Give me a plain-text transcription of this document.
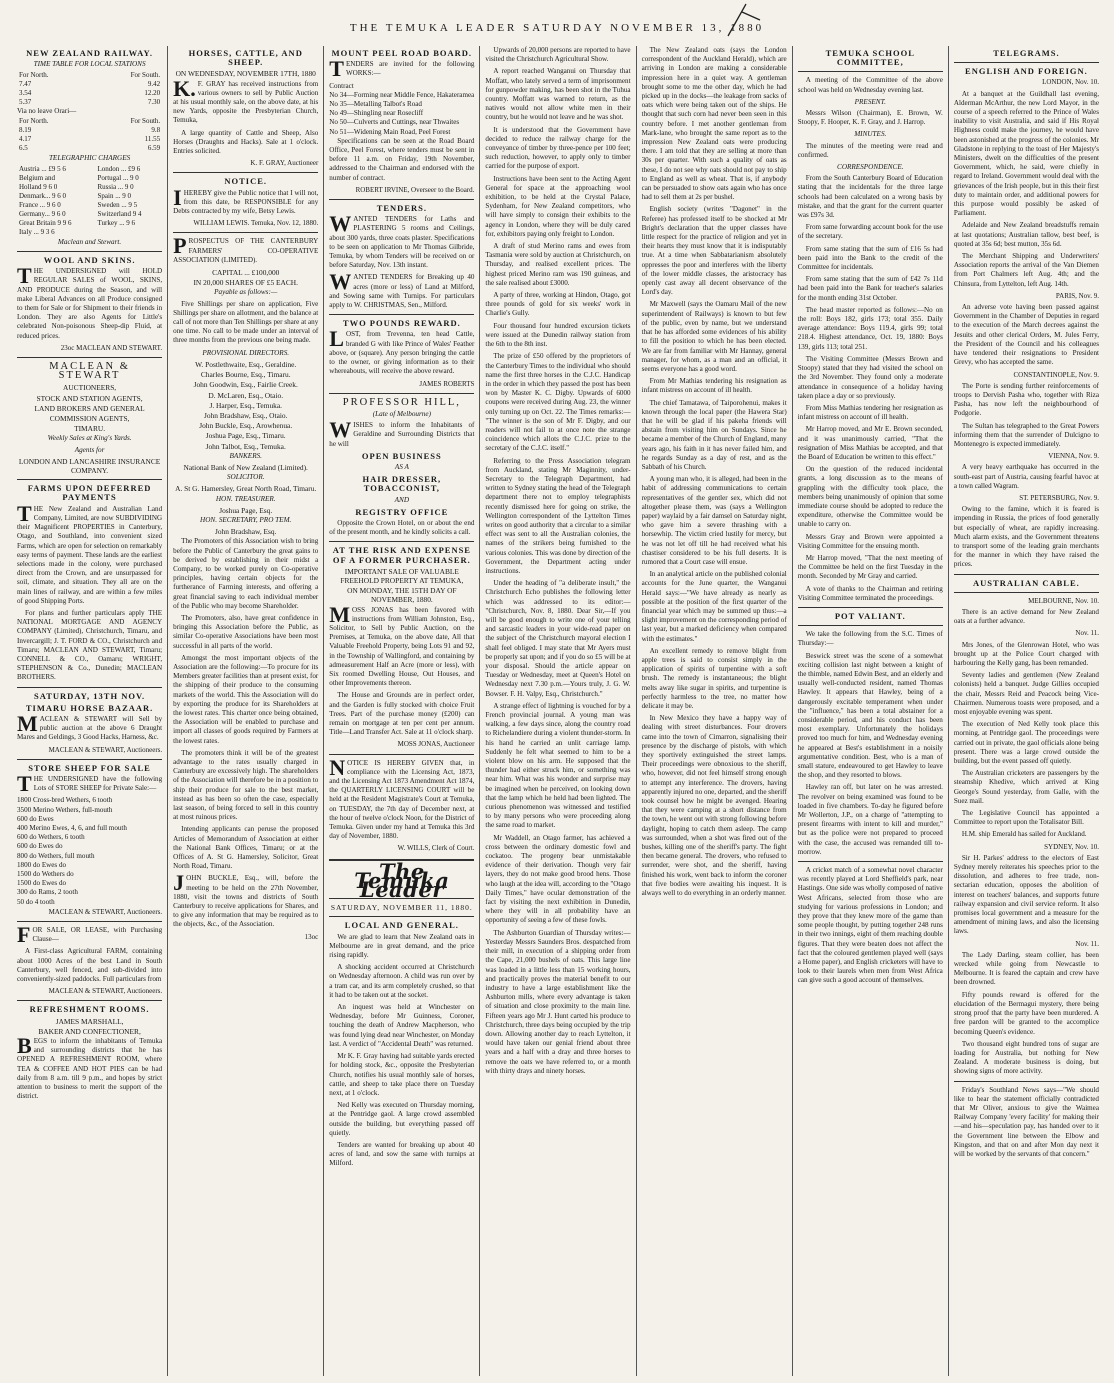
THE TEMUKA LEADER SATURDAY NOVEMBER 13, 1880
NEW ZEALAND RAILWAY.
TIME TABLE FOR LOCAL STATIONS
For North.	For South.
7.47	9.42
3.54	12.20
5.37	7.30
Via no leave Orari—
For North.	For South.
8.19	9.8
4.17	11.55
6.5	6.59
TELEGRAPHIC CHARGES
Austria ... £9 5 6	London ... £9 6
Belgium and	Portugal ... 9 0
Holland 9 6 0	Russia ... 9 0
Denmark... 9 6 0	Spain ... 9 0
France ... 9 6 0	Sweden ... 9 5
Germany... 9 6 0	Switzerland 9 4
Great Britain 9 9 6	Turkey ... 9 6
Italy ... 9 3 6	
Maclean and Stewart.
WOOL AND SKINS.

THE UNDERSIGNED will HOLD REGULAR SALES of WOOL, SKINS, AND PRODUCE during the Season, and will make Liberal Advances on all Produce consigned to them for Sale or for Shipment to their friends in London. They are also Agents for Little's celebrated Non-poisonous Sheep-dip Fluid, at reduced prices.

23oc MACLEAN AND STEWART.
MACLEAN & STEWART
AUCTIONEERS,
STOCK AND STATION AGENTS,
LAND BROKERS AND GENERAL
COMMISSION AGENTS,
TIMARU.
Weekly Sales at King's Yards.
Agents for
LONDON AND LANCASHIRE INSURANCE COMPANY.
FARMS UPON DEFERRED PAYMENTS

THE New Zealand and Australian Land Company, Limited, are now SUBDIVIDING their Magnificent PROPERTIES in Canterbury, Otago, and Southland, into convenient sized Farms, which are open for selection on remarkably easy terms of payment. These lands are the earliest selections made in the colony, were purchased direct from the Crown, and are unsurpassed for soil, climate, and situation. They all are on the main lines of railway, and are within a few miles of good Shipping Ports.

For plans and further particulars apply THE NATIONAL MORTGAGE AND AGENCY COMPANY (Limited), Christchurch, Timaru, and Invercargill; J. T. FORD & CO., Christchurch and Timaru; MACLEAN AND STEWART, Timaru; CONNELL & CO., Oamaru; WRIGHT, STEPHENSON & Co., Dunedin; MACLEAN BROTHERS.

SATURDAY, 13TH NOV.
TIMARU HORSE BAZAAR.

MACLEAN & STEWART will Sell by public auction at the above 6 Draught Mares and Geldings, 3 Good Hacks, Harness, &c.

MACLEAN & STEWART, Auctioneers.
STORE SHEEP FOR SALE

THE UNDERSIGNED have the following Lots of STORE SHEEP for Private Sale:—

1800 Cross-bred Wethers, 6 tooth
3500 Merino Wethers, full-mouth
600 do Ewes
400 Merino Ewes, 4, 6, and full mouth
600 do Wethers, 6 tooth
600 do Ewes do
800 do Wethers, full mouth
1800 do Ewes do
1500 do Wethers do
1500 do Ewes do
300 do Rams, 2 tooth
50 do 4 tooth
MACLEAN & STEWART, Auctioneers.

FOR SALE, OR LEASE, with Purchasing Clause—

A First-class Agricultural FARM, containing about 1000 Acres of the best Land in South Canterbury, well fenced, and sub-divided into conveniently-sized paddocks. Full particulars from

MACLEAN & STEWART, Auctioneers.
REFRESHMENT ROOMS.
JAMES MARSHALL,
BAKER AND CONFECTIONER,

BEGS to inform the inhabitants of Temuka and surrounding districts that he has OPENED A REFRESHMENT ROOM, where TEA & COFFEE AND HOT PIES can be had daily from 8 a.m. till 9 p.m., and hopes by strict attention to business to merit the support of the district.

HORSES, CATTLE, AND SHEEP.
ON WEDNESDAY, NOVEMBER 17TH, 1880

K.F. GRAY has received instructions from various owners to sell by Public Auction at his usual monthly sale, on the above date, at his new Yards, opposite the Presbyterian Church, Temuka,

A large quantity of Cattle and Sheep, Also Horses (Draughts and Hacks). Sale at 1 o'clock. Entries solicited.

K. F. GRAY, Auctioneer
NOTICE.

IHEREBY give the Public notice that I will not, from this date, be RESPONSIBLE for any Debts contracted by my wife, Betsy Lewis.

WILLIAM LEWIS. Temuka, Nov. 12, 1880.

PROSPECTUS OF THE CANTERBURY FARMERS' CO-OPERATIVE ASSOCIATION (LIMITED).

CAPITAL ... £100,000
IN 20,000 SHARES OF £5 EACH.
Payable as follows:—

Five Shillings per share on application, Five Shillings per share on allotment, and the balance at call of not more than Ten Shillings per share at any one time. No call to be made under an interval of three months from the previous one being made.

PROVISIONAL DIRECTORS.
W. Postlethwaite, Esq., Geraldine.
Charles Bourne, Esq., Timaru.
John Goodwin, Esq., Fairlie Creek.
D. McLaren, Esq., Otaio.
J. Harper, Esq., Temuka.
John Bradshaw, Esq., Otaio.
John Buckle, Esq., Arowhenua.
Joshua Page, Esq., Timaru.
John Talbot, Esq., Temuka.
BANKERS.
National Bank of New Zealand (Limited).
SOLICITOR.
A. St G. Hamersley, Great North Road, Timaru.
HON. TREASURER.
Joshua Page, Esq.
HON. SECRETARY, PRO TEM.
John Bradshaw, Esq.

The Promoters of this Association wish to bring before the Public of Canterbury the great gains to be derived by establishing in their midst a Company, to be worked purely on Co-operative principles, having certain objects for the furtherance of Farming interests, and offering a great financial saving to each individual member of the Public who may become Shareholder.

The Promoters, also, have great confidence in bringing this Association before the Public, as similar Co-operative Associations have been most successful in all parts of the world.

Amongst the most important objects of the Association are the following:—To procure for its Members greater facilities than at present exist, for the shipping of their produce to the consuming markets of the world. This the Association will do by exporting the produce for its Shareholders at the lowest rates. This charter once being obtained, the Association will be enabled to purchase and import all classes of goods required by Farmers at the lowest rates.

The promoters think it will be of the greatest advantage to the rates usually charged in Canterbury are excessively high. The shareholders of the Association will therefore be in a position to ship their produce for sale to the best market, instead as has been so often the case, especially last season, of being forced to sell in this country at most ruinous prices.

Intending applicants can peruse the proposed Articles of Memorandum of Association at either the National Bank Offices, Timaru; or at the Offices of A. St G. Hamersley, Solicitor, Great North Road, Timaru.

JOHN BUCKLE, Esq., will, before the meeting to be held on the 27th November, 1880, visit the towns and districts of South Canterbury to receive applications for Shares, and to give any information that may be required as to the objects, &c., of the Association.

13oc
MOUNT PEEL ROAD BOARD.

TENDERS are invited for the following WORKS:—

Contract
No 34—Forming near Middle Fence, Hakateramea
No 35—Metalling Talbot's Road
No 49—Shingling near Rosecliff
No 50—Culverts and Cuttings, near Thwaites
No 51—Widening Main Road, Peel Forest

Specifications can be seen at the Road Board Office, Peel Forest, where tenders must be sent in before 11 a.m. on Friday, 19th November, addressed to the Chairman and endorsed with the number of contract.

ROBERT IRVINE, Overseer to the Board.
TENDERS.

WANTED TENDERS for Laths and PLASTERING 5 rooms and Ceilings, about 300 yards, three coats plaster. Specifications to be seen on application to Mr Thomas Gilbride, Temuka, by whom Tenders will be received on or before Saturday, Nov. 13th instant.

WANTED TENDERS for Breaking up 40 acres (more or less) of Land at Milford, and Sowing same with Turnips. For particulars apply to W. CHRISTMAS, Sen., Milford.

TWO POUNDS REWARD.

LOST, from Trevenna, ten head Cattle, branded G with like Prince of Wales' Feather above, or (square). Any person bringing the cattle to the owner, or giving information as to their whereabouts, will receive the above reward.

JAMES ROBERTS
PROFESSOR HILL,
(Late of Melbourne)

WISHES to inform the Inhabitants of Geraldine and Surrounding Districts that he will

OPEN BUSINESS
AS A
HAIR DRESSER, TOBACCONIST,
AND
REGISTRY OFFICE

Opposite the Crown Hotel, on or about the end of the present month, and he kindly solicits a call.

AT THE RISK AND EXPENSE OF A FORMER PURCHASER.
IMPORTANT SALE OF VALUABLE FREEHOLD PROPERTY AT TEMUKA,
ON MONDAY, THE 15TH DAY OF NOVEMBER, 1880.

MOSS JONAS has been favored with instructions from William Johnston, Esq., Solicitor, to Sell by Public Auction, on the Premises, at Temuka, on the above date, All that Valuable Freehold Property, being Lots 91 and 92, in the Township of Wallingford, and containing by admeasurement Half an Acre (more or less), with Six roomed Dwelling House, Out Houses, and other Improvements thereon.

The House and Grounds are in perfect order, and the Garden is fully stocked with choice Fruit Trees. Part of the purchase money (£200) can remain on mortgage at ten per cent per annum. Title—Land Transfer Act. Sale at 11 o'clock sharp.

MOSS JONAS, Auctioneer

NOTICE IS HEREBY GIVEN that, in compliance with the Licensing Act, 1873, and the Licensing Act 1873 Amendment Act 1874, the QUARTERLY LICENSING COURT will be held at the Resident Magistrate's Court at Temuka, on TUESDAY, the 7th day of December next, at the hour of twelve o'clock Noon, for the District of Temuka. Given under my hand at Temuka this 3rd day of November, 1880.

W. WILLS, Clerk of Court.
The Temuka Leader
SATURDAY, NOVEMBER 11, 1880.
LOCAL AND GENERAL.

We are glad to learn that New Zealand oats in Melbourne are in great demand, and the price rising rapidly.

A shocking accident occurred at Christchurch on Wednesday afternoon. A child was run over by a tram car, and its arm completely crushed, so that it had to be taken out at the socket.

An inquest was held at Winchester on Wednesday, before Mr Guinness, Coroner, touching the death of Andrew Macpherson, who was found lying dead near Winchester, on Monday last. A verdict of "Accidental Death" was returned.

Mr K. F. Gray having had suitable yards erected for holding stock, &c., opposite the Presbyterian Church, notifies his usual monthly sale of horses, cattle, and sheep to take place there on Tuesday next, at 1 o'clock.

Ned Kelly was executed on Thursday morning, at the Pentridge gaol. A large crowd assembled outside the building, but everything passed off quietly.

Tenders are wanted for breaking up about 40 acres of land, and sow the same with turnips at Milford.

Upwards of 20,000 persons are reported to have visited the Christchurch Agricultural Show.

A report reached Wanganui on Thursday that Moffatt, who lately served a term of imprisonment for gunpowder making, has been shot in the Tuhua country. Moffatt was warned to return, as the natives would not allow white men in their country, but he would not leave and he was shot.

It is understood that the Government have decided to reduce the railway charge for the conveyance of timber by three-pence per 100 feet; such reduction, however, to apply only to timber carried for the purpose of export.

Instructions have been sent to the Acting Agent General for space at the approaching wool exhibition, to be held at the Crystal Palace, Sydenham, for New Zealand competitors, who will have simply to consign their exhibits to the agency in London, where they will be duly cared for, exhibitors paying only freight to London.

A draft of stud Merino rams and ewes from Tasmania were sold by auction at Christchurch, on Thursday, and realised excellent prices. The highest priced Merino ram was 190 guineas, and the sale realised about £3000.

A party of three, working at Hindon, Otago, got three pounds of gold for six weeks' work in Charlie's Gully.

Four thousand four hundred excursion tickets were issued at the Dunedin railway station from the 6th to the 8th inst.

The prize of £50 offered by the proprietors of the Canterbury Times to the individual who should name the first three horses in the C.J.C. Handicap in the order in which they passed the post has been won by Master K. C. Digby. Upwards of 6000 coupons were received during Aug. 23, the winner only turning up on Oct. 22. The Times remarks:— "The winner is the son of Mr F. Digby, and our readers will not fail to at once note the strange coincidence which allots the C.J.C. prize to the secretary of the C.J.C. itself."

Referring to the Press Association telegram from Auckland, stating Mr Maginnity, under-Secretary to the Telegraph Department, had written to Sydney stating the head of the Telegraph department there not to employ telegraphists recently dismissed here for going on strike, the Wellington correspondent of the Lyttelton Times writes on good authority that a circular to a similar effect was sent to all the Australian colonies, the names of the strikers being furnished to the various colonies. This was done by direction of the Government, the Department acting under instructions.

Under the heading of "a deliberate insult," the Christchurch Echo publishes the following letter which was addressed to its editor:— "Christchurch, Nov. 8, 1880. Dear Sir,—If you will be good enough to write one of your telling and sarcastic leaders in your wide-read paper on the subject of the Christchurch mayoral election I shall feel obliged. I may state that Mr Ayers must be properly sat upon; and if you do so £5 will be at your disposal. Should the article appear on Tuesday or Wednesday, meet at Queen's Hotel on Wednesday next 7.30 p.m.—Yours truly, J. G. W. Bowser. F. H. Valpy, Esq., Christchurch."

A strange effect of lightning is vouched for by a French provincial journal. A young man was walking, a few days since, along the country road to Richelandiere during a violent thunder-storm. In his hand he carried an unlit carriage lamp. Suddenly he felt what seemed to him to be a violent blow on his arm. He supposed that the thunder had either struck him, or something was near him. What was his wonder and surprise may be imagined when he perceived, on looking down that the lamp which he held had been lighted. The curious phenomenon was witnessed and testified to by many persons who were proceeding along the same road to market.

Mr Waddell, an Otago farmer, has achieved a cross between the ordinary domestic fowl and cockatoo. The progeny bear unmistakable evidence of their derivation. Though very fair layers, they do not make good brood hens. Those who laugh at the idea will, according to the "Otago Daily Times," have ocular demonstration of the fact by visiting the next exhibition in Dunedin, where they will in all probability have an opportunity of seeing a few of these fowls.

The Ashburton Guardian of Thursday writes:— Yesterday Messrs Saunders Bros. despatched from their mill, in execution of a shipping order from the Cape, 21,000 bushels of oats. This large line was loaded in a little less than 15 working hours, and practically proves the material benefit to our industry to have a large establishment like the Ashburton mills, where every advantage is taken of situation and close proximity to the main line. Fifteen years ago Mr J. Hunt carted his produce to Christchurch, three days being occupied by the trip down. Allowing another day to reach Lyttelton, it would have taken our genial friend about three years and a half with a dray and three horses to remove the oats we have referred to, or a month with thirty drays and ninety horses.

The New Zealand oats (says the London correspondent of the Auckland Herald), which are arriving in London are making a considerable impression here in a quiet way. A gentleman brought some to me the other day, which he had picked up in the docks—the leakage from sacks of oats which were being taken out of the ships. He thought that such corn had never been seen in this country before. I met another gentleman from Mark-lane, who brought the same report as to the impression New Zealand oats were producing there. I am told that they are selling at more than 30s per quarter. With such a quality of oats as these, I do not see why oats should not pay to ship to England as well as wheat. That is, if anybody can be persuaded to show oats again who has once had to sell them at 2s per bushel.

English society (writes "Dagonet" in the Referee) has professed itself to be shocked at Mr Bright's declaration that the upper classes have little respect for the practice of religion and yet in their hearts they must know that it is indisputably true. At a time when Sabbatarianism absolutely oppresses the poor and interferes with the liberty of the lower middle classes, the aristocracy has openly cast away all decent observance of the Lord's day.

Mr Maxwell (says the Oamaru Mail of the new superintendent of Railways) is known to but few of the public, even by name, but we understand that he has afforded some evidences of his ability to fill the position to which he has been elected. We are far from familiar with Mr Hannay, general manager, for whom, as a man and an official, it seems everyone has a good word.

From Mr Mathias tendering his resignation as infant mistress on account of ill health.

The chief Tamatawa, of Taiporohenui, makes it known through the local paper (the Hawera Star) that he will be glad if his pakeha friends will abstain from visiting him on Sundays. Since he became a member of the Church of England, many years ago, his faith in it has never failed him, and he regards Sunday as a day of rest, and as the Sabbath of his Church.

A young man who, it is alleged, had been in the habit of addressing communications to certain representatives of the gentler sex, which did not altogether please them, was (says a Wellington paper) waylaid by a fair damsel on Saturday night, who gave him a severe thrashing with a horsewhip. The victim cried lustily for mercy, but he was not let off till he had received what his chastiser considered to be his full deserts. It is rumored that a Court case will ensue.

In an analytical article on the published colonial accounts for the June quarter, the Wanganui Herald says:—"We have already as nearly as possible at the position of the first quarter of the financial year which may be summed up thus:—a slight improvement on the corresponding period of last year, but a marked deficiency when compared with the estimates."

An excellent remedy to remove blight from apple trees is said to consist simply in the application of spirits of turpentine with a soft brush. The remedy is instantaneous; the blight melts away like sugar in spirits, and turpentine is perfectly harmless to the tree, no matter how delicate it may be.

In New Mexico they have a happy way of dealing with street disturbances. Four drovers came into the town of Cimarron, signalising their presence by the discharge of pistols, with which they sportively extinguished the street lamps. Their proceedings were obnoxious to the sheriff, who, however, did not feel himself strong enough to attempt any interference. The drovers, having apparently injured no one, departed, and the sheriff took counsel how he might be avenged. Hearing that they were camping at a short distance from the town, he went out with strong following before daylight, hoping to catch them asleep. The camp was surrounded, when a shot was fired out of the bushes, killing one of the sheriff's party. The fight then became general. The drovers, who refused to surrender, were shot, and the sheriff, having finished his work, went back to inform the coroner that five bodies were awaiting his inquest. It is always well to do everything in an orderly manner.

TEMUKA SCHOOL COMMITTEE,

A meeting of the Committee of the above school was held on Wednesday evening last.

PRESENT.

Messrs Wilson (Chairman), E. Brown, W. Stoopy, F. Hooper, K. F. Gray, and J. Harrop.

MINUTES.

The minutes of the meeting were read and confirmed.

CORRESPONDENCE.

From the South Canterbury Board of Education stating that the incidentals for the three large schools had been calculated on a wrong basis by mistake, and that the grant for the current quarter was £97s 3d.

From same forwarding account book for the use of the secretary.

From same stating that the sum of £16 5s had been paid into the Bank to the credit of the Committee for incidentals.

From same stating that the sum of £42 7s 11d had been paid into the Bank for teacher's salaries for the month ending 31st October.

The head master reported as follows:—No on the roll: Boys 182, girls 173; total 355. Daily average attendance: Boys 119.4, girls 99; total 218.4. Highest attendance, Oct. 19, 1880: Boys 139, girls 113; total 251.

The Visiting Committee (Messrs Brown and Stoopy) stated that they had visited the school on the 3rd November. They found only a moderate attendance in consequence of a holiday having taken place a day or so previously.

From Miss Mathias tendering her resignation as infant mistress on account of ill health.

Mr Harrop moved, and Mr E. Brown seconded, and it was unanimously carried, "That the resignation of Miss Mathias be accepted, and that the Board of Education be written to this effect."

On the question of the reduced incidental grants, a long discussion as to the means of grappling with the difficulty took place, the members being unanimously of opinion that some immediate course should be adopted to reduce the expenditure, otherwise the Committee would be unable to carry on.

Messrs Gray and Brown were appointed a Visiting Committee for the ensuing month.

Mr Harrop moved, "That the next meeting of the Committee be held on the first Tuesday in the month. Seconded by Mr Gray and carried.

A vote of thanks to the Chairman and retiring Visiting Committee terminated the proceedings.

POT VALIANT.

We take the following from the S.C. Times of Thursday:—

Beswick street was the scene of a somewhat exciting collision last night between a knight of the thimble, named Edwin Best, and an elderly and usually well-conducted resident, named Thomas Hawley. It appears that Hawley, being of a dangerously excitable temperament when under the "influence," has been a total abstainer for a considerable period, and his conduct has been most exemplary. Unfortunately the holidays proved too much for him, and Wednesday evening he appeared at Best's establishment in a noisily argumentative condition. Best, who is a man of small stature, endeavoured to get Hawley to leave the shop, and they resorted to blows.

Hawley ran off, but later on he was arrested. The revolver on being examined was found to be loaded in five chambers. To-day he figured before Mr Wollerton, J.P., on a charge of "attempting to present firearms with intent to kill and murder," but as the police were not prepared to proceed with the case, the accused was remanded till to-morrow.

A cricket match of a somewhat novel character was recently played at Lord Sheffield's park, near Hastings. One side was wholly composed of native West Africans, selected from those who are studying for various professions in London; and they prove that they knew more of the game than some people thought, by putting together 248 runs in their two innings, eight of them reaching double figures. That they were beaten does not affect the fact that the coloured gentlemen played well (says a Home paper), and English cricketers will have to look to their laurels when men from West Africa can give such a good account of themselves.

TELEGRAMS.
ENGLISH AND FOREIGN.
LONDON, Nov. 10.

At a banquet at the Guildhall last evening, Alderman McArthur, the new Lord Mayor, in the course of a speech referred to the Prince of Wales inability to visit Australia, and said if His Royal Highness could make the journey, he would have been astonished at the progress of the colonies. Mr Gladstone in replying to the toast of Her Majesty's Ministers, dwelt on the difficulties of the present Government, which, he said, were chiefly in regard to Ireland. Government would deal with the grievances of the Irish people, but in this their first duty to maintain order, and additional powers for this purpose would possibly be asked of Parliament.

Adelaide and New Zealand breadstuffs remain at last quotations; Australian tallow, best beef, is quoted at 35s 6d; best mutton, 35s 6d.

The Merchant Shipping and Underwriters' Association reports the arrival of the Van Diemen from Port Chalmers left Aug. 4th; and the Chinsura, from Lyttelton, left Aug. 14th.

PARIS, Nov. 9.

An adverse vote having been passed against Government in the Chamber of Deputies in regard to the execution of the March decrees against the Jesuits and other clerical Orders, M. Jules Ferry, the President of the Council and his colleagues have tendered their resignations to President Grevy, who has accepted the same.

CONSTANTINOPLE, Nov. 9.

The Porte is sending further reinforcements of troops to Dervish Pasha who, together with Riza Pasha, has now left the neighbourhood of Podgorie.

The Sultan has telegraphed to the Great Powers informing them that the surrender of Dulcigno to Montenegro is expected immediately.

VIENNA, Nov. 9.

A very heavy earthquake has occurred in the south-east part of Austria, causing fearful havoc at a town called Wagram.

ST. PETERSBURG, Nov. 9.

Owing to the famine, which it is feared is impending in Russia, the prices of food generally but especially of wheat, are rapidly increasing. Much alarm exists, and the Government threatens to transport some of the leading grain merchants for the manner in which they have raised the prices.

AUSTRALIAN CABLE.
MELBOURNE, Nov. 10.

There is an active demand for New Zealand oats at a further advance.

Nov. 11.

Mrs Jones, of the Glenrowan Hotel, who was brought up at the Police Court charged with harbouring the Kelly gang, has been remanded.

Seventy ladies and gentlemen (New Zealand colonists) held a banquet. Judge Gillies occupied the chair, Messrs Reid and Peacock being Vice-Chairmen. Numerous toasts were proposed, and a most enjoyable evening was spent.

The execution of Ned Kelly took place this morning, at Pentridge gaol. The proceedings were carried out in private, the gaol officials alone being present. There was a large crowd outside the building, but the event passed off quietly.

The Australian cricketers are passengers by the steamship Khedive, which arrived at King George's Sound yesterday, from Galle, with the Suez mail.

The Legislative Council has appointed a Committee to report upon the Totalisator Bill.

H.M. ship Emerald has sailed for Auckland.

SYDNEY, Nov. 10.

Sir H. Parkes' address to the electors of East Sydney merely reiterates his speeches prior to the dissolution, and adheres to free trade, non-sectarian education, opposes the abolition of interest on teachers' balances, and supports future railway expansion and civil service reform. It also promises local government and a measure for the amendment of mining laws, and also the licensing laws.

Nov. 11.

The Lady Darling, steam collier, has been wrecked while going from Newcastle to Melbourne. It is feared the captain and crew have been drowned.

Fifty pounds reward is offered for the elucidation of the Bermagui mystery, there being strong proof that the party have been murdered. A free pardon will be granted to the accomplice becoming Queen's evidence.

Two thousand eight hundred tons of sugar are loading for Australia, but nothing for New Zealand. A moderate business is doing, but showing signs of more activity.

Friday's Southland News says—"We should like to hear the statement officially contradicted that Mr Oliver, anxious to give the Waimea Railway Company 'every facility' for making their—and his—speculation pay, has handed over to it the Government line between the Elbow and Kingston, and that on and after Mon day next it will be worked by the servants of that concern."
